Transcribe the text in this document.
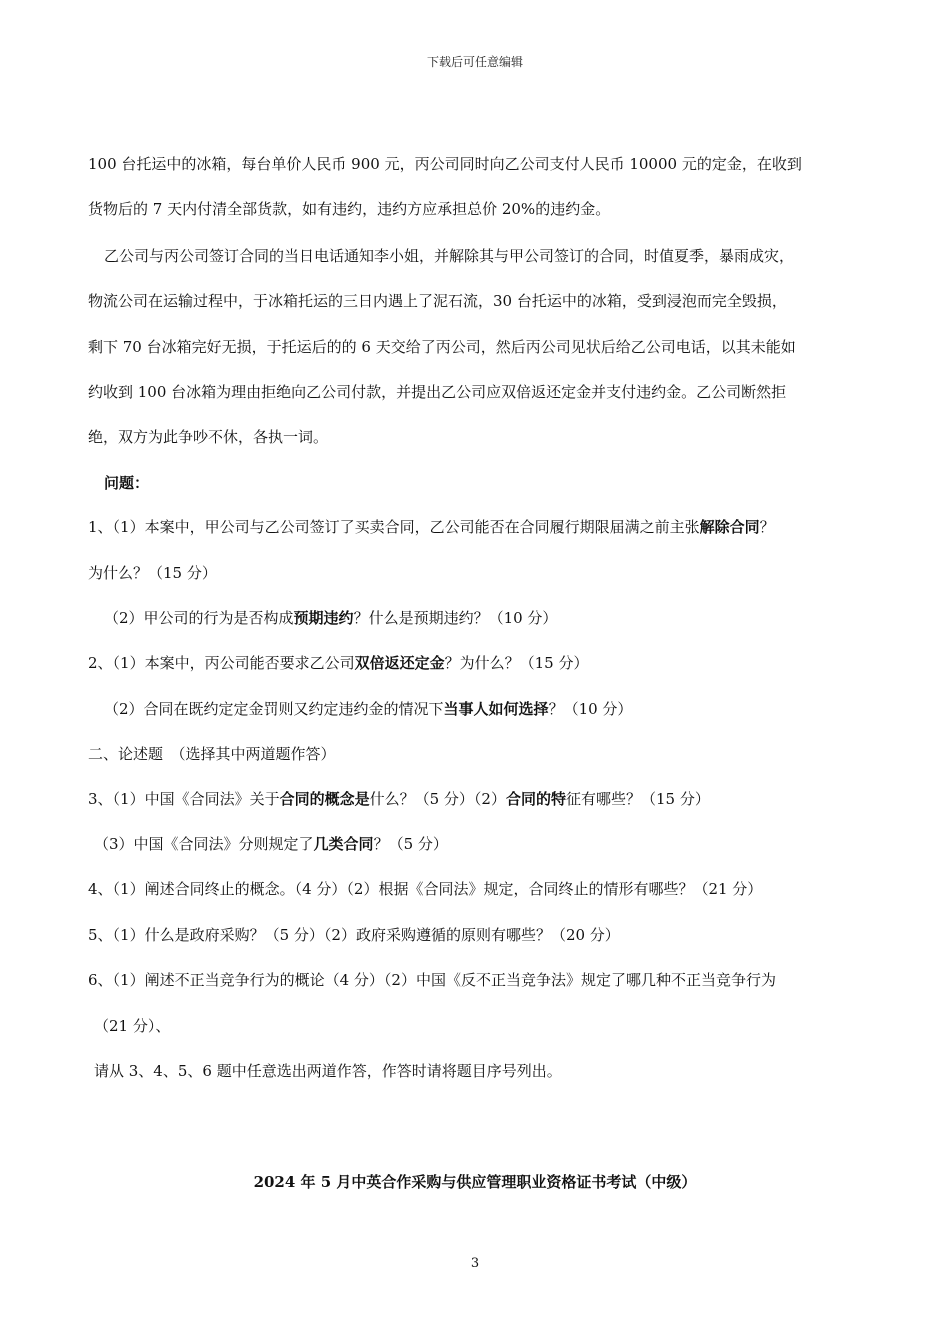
下载后可任意编辑
100 台托运中的冰箱，每台单价人民币 900 元，丙公司同时向乙公司支付人民币 10000 元的定金，在收到
货物后的 7 天内付清全部货款，如有违约，违约方应承担总价 20%的违约金。
乙公司与丙公司签订合同的当日电话通知李小姐，并解除其与甲公司签订的合同，时值夏季，暴雨成灾，
物流公司在运输过程中，于冰箱托运的三日内遇上了泥石流，30 台托运中的冰箱，受到浸泡而完全毁损，
剩下 70 台冰箱完好无损，于托运后的的 6 天交给了丙公司，然后丙公司见状后给乙公司电话，以其未能如
约收到 100 台冰箱为理由拒绝向乙公司付款，并提出乙公司应双倍返还定金并支付违约金。乙公司断然拒
绝，双方为此争吵不休，各执一词。
问题：
1、（1）本案中，甲公司与乙公司签订了买卖合同，乙公司能否在合同履行期限届满之前主张解除合同？
为什么？（15 分）
（2）甲公司的行为是否构成预期违约？什么是预期违约？（10 分）
2、（1）本案中，丙公司能否要求乙公司双倍返还定金？为什么？（15 分）
（2）合同在既约定定金罚则又约定违约金的情况下当事人如何选择？（10 分）
二、论述题　（选择其中两道题作答）
3、（1）中国《合同法》关于合同的概念是什么？（5 分）（2）合同的特征有哪些？（15 分）
（3）中国《合同法》分则规定了几类合同？（5 分）
4、（1）阐述合同终止的概念。（4 分）（2）根据《合同法》规定，合同终止的情形有哪些？（21 分）
5、（1）什么是政府采购？（5 分）（2）政府采购遵循的原则有哪些？（20 分）
6、（1）阐述不正当竞争行为的概论（4 分）（2）中国《反不正当竞争法》规定了哪几种不正当竞争行为
（21 分）、
请从 3、4、5、6 题中任意选出两道作答，作答时请将题目序号列出。
2024 年 5 月中英合作采购与供应管理职业资格证书考试（中级）
3
